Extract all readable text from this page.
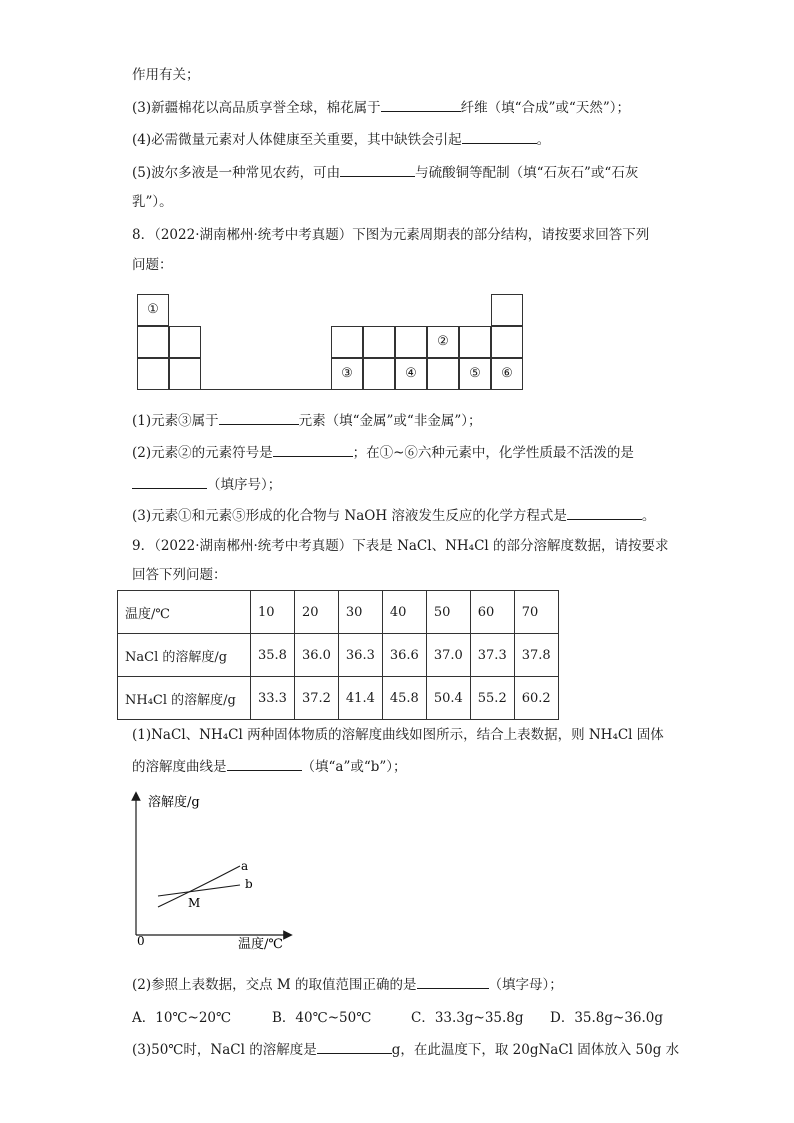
作用有关；
(3)新疆棉花以高品质享誉全球，棉花属于	纤维（填“合成”或“天然”）；
(4)必需微量元素对人体健康至关重要，其中缺铁会引起	。
(5)波尔多液是一种常见农药，可由	与硫酸铜等配制（填“石灰石”或“石灰
乳”）。
8．（2022·湖南郴州·统考中考真题）下图为元素周期表的部分结构，请按要求回答下列
问题：
①
②
③	④	⑤	⑥
(1)元素③属于	元素（填“金属”或“非金属”）；
(2)元素②的元素符号是	；在①~⑥六种元素中，化学性质最不活泼的是
（填序号）；
(3)元素①和元素⑤形成的化合物与 NaOH 溶液发生反应的化学方程式是	。
9．（2022·湖南郴州·统考中考真题）下表是 NaCl、NH₄Cl 的部分溶解度数据，请按要求
回答下列问题：
温度/℃	10	20	30	40	50	60	70
NaCl 的溶解度/g	35.8	36.0	36.3	36.6	37.0	37.3	37.8
NH₄Cl 的溶解度/g	33.3	37.2	41.4	45.8	50.4	55.2	60.2
(1)NaCl、NH₄Cl 两种固体物质的溶解度曲线如图所示，结合上表数据，则 NH₄Cl 固体
的溶解度曲线是	（填“a”或“b”）；
溶解度/g
温度/℃
0
a
b
M
(2)参照上表数据，交点 M 的取值范围正确的是	（填字母）；
A．10℃~20℃	B．40℃~50℃	C．33.3g~35.8g D．35.8g~36.0g
(3)50℃时，NaCl 的溶解度是	g，在此温度下，取 20gNaCl 固体放入 50g 水
